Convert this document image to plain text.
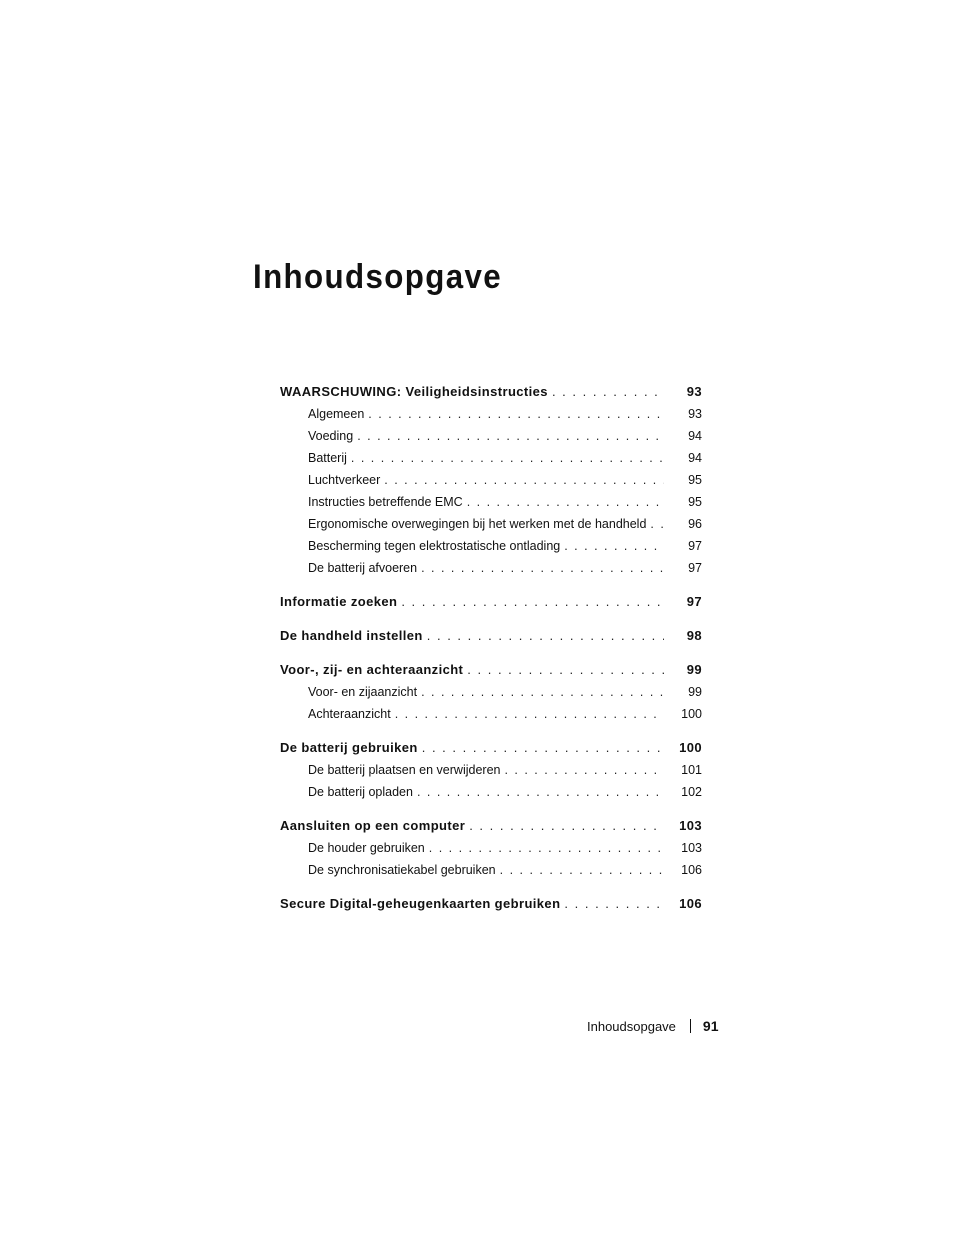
Inhoudsopgave
WAARSCHUWING: Veiligheidsinstructies . . .	93
Algemeen . . .	93
Voeding . . .	94
Batterij . . .	94
Luchtverkeer . . .	95
Instructies betreffende EMC . . .	95
Ergonomische overwegingen bij het werken met de handheld . . .	96
Bescherming tegen elektrostatische ontlading . . .	97
De batterij afvoeren . . .	97
Informatie zoeken . . .	97
De handheld instellen . . .	98
Voor-, zij- en achteraanzicht . . .	99
Voor- en zijaanzicht . . .	99
Achteraanzicht . . .	100
De batterij gebruiken . . .	100
De batterij plaatsen en verwijderen . . .	101
De batterij opladen . . .	102
Aansluiten op een computer . . .	103
De houder gebruiken . . .	103
De synchronisatiekabel gebruiken . . .	106
Secure Digital-geheugenkaarten gebruiken . . .	106
Inhoudsopgave 91
